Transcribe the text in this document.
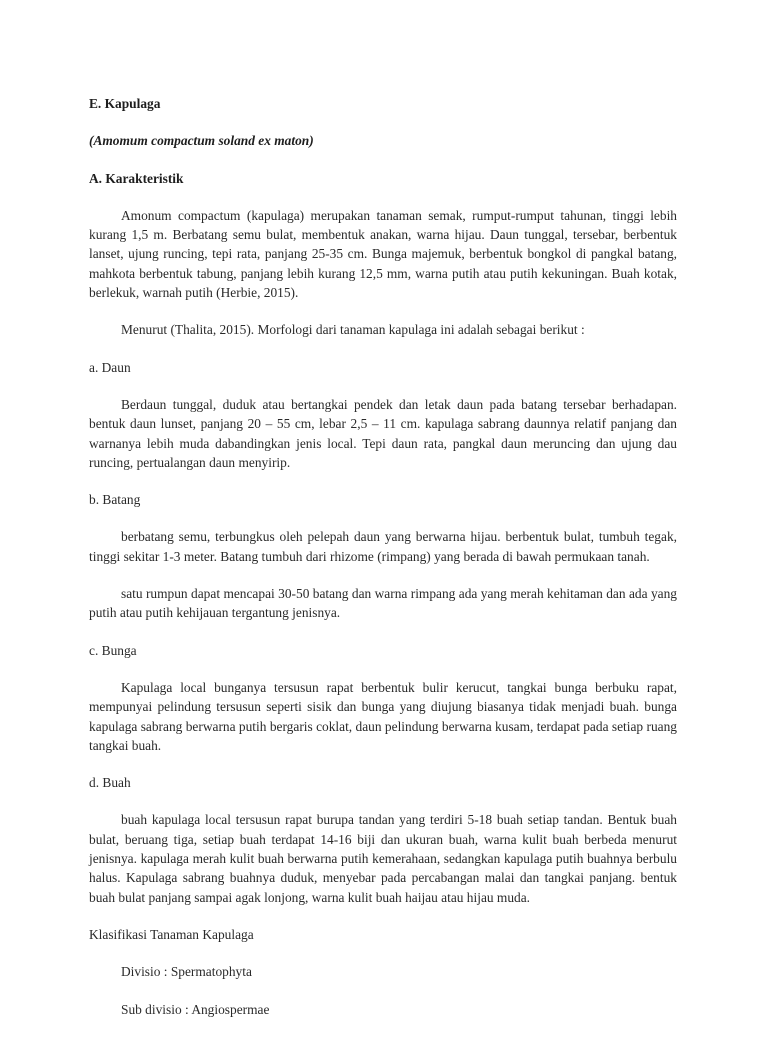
E. Kapulaga

(Amomum compactum soland ex maton)

A. Karakteristik

Amonum compactum (kapulaga) merupakan tanaman semak, rumput-rumput tahunan, tinggi lebih kurang 1,5 m. Berbatang semu bulat, membentuk anakan, warna hijau. Daun tunggal, tersebar, berbentuk lanset, ujung runcing, tepi rata, panjang 25-35 cm. Bunga majemuk, berbentuk bongkol di pangkal batang, mahkota berbentuk tabung, panjang lebih kurang 12,5 mm, warna putih atau putih kekuningan. Buah kotak, berlekuk, warnah putih (Herbie, 2015).

Menurut (Thalita, 2015). Morfologi dari tanaman kapulaga ini adalah sebagai berikut :

a. Daun

Berdaun tunggal, duduk atau bertangkai pendek dan letak daun pada batang tersebar berhadapan. bentuk daun lunset, panjang 20 – 55 cm, lebar 2,5 – 11 cm. kapulaga sabrang daunnya relatif panjang dan warnanya lebih muda dabandingkan jenis local. Tepi daun rata, pangkal daun meruncing dan ujung dau runcing, pertualangan daun menyirip.

b. Batang

berbatang semu, terbungkus oleh pelepah daun yang berwarna hijau. berbentuk bulat, tumbuh tegak, tinggi sekitar 1-3 meter. Batang tumbuh dari rhizome (rimpang) yang berada di bawah permukaan tanah.

satu rumpun dapat mencapai 30-50 batang dan warna rimpang ada yang merah kehitaman dan ada yang putih atau putih kehijauan tergantung jenisnya.

c. Bunga

Kapulaga local bunganya tersusun rapat berbentuk bulir kerucut, tangkai bunga berbuku rapat, mempunyai pelindung tersusun seperti sisik dan bunga yang diujung biasanya tidak menjadi buah. bunga kapulaga sabrang berwarna putih bergaris coklat, daun pelindung berwarna kusam, terdapat pada setiap ruang tangkai buah.

d. Buah

buah kapulaga local tersusun rapat burupa tandan yang terdiri 5-18 buah setiap tandan. Bentuk buah bulat, beruang tiga, setiap buah terdapat 14-16 biji dan ukuran buah, warna kulit buah berbeda menurut jenisnya. kapulaga merah kulit buah berwarna putih kemerahaan, sedangkan kapulaga putih buahnya berbulu halus. Kapulaga sabrang buahnya duduk, menyebar pada percabangan malai dan tangkai panjang. bentuk buah bulat panjang sampai agak lonjong, warna kulit buah haijau atau hijau muda.

Klasifikasi Tanaman Kapulaga

Divisio : Spermatophyta

Sub divisio : Angiospermae
